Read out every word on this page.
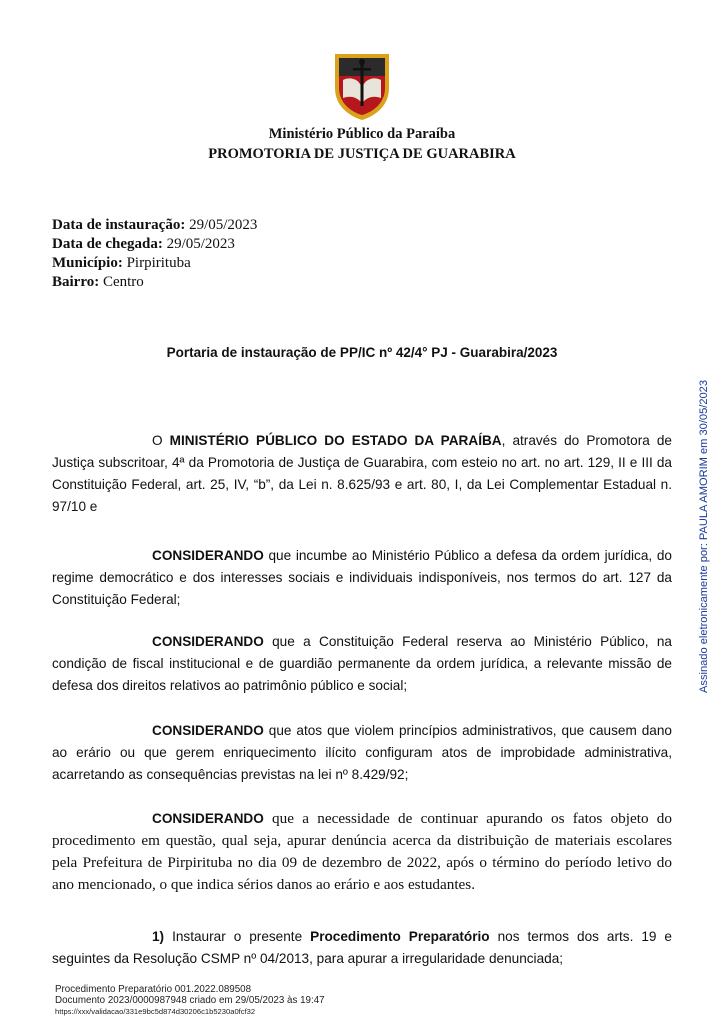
Ministério Público da Paraíba
PROMOTORIA DE JUSTIÇA DE GUARABIRA
Data de instauração: 29/05/2023
Data de chegada: 29/05/2023
Município: Pirpirituba
Bairro: Centro
Portaria de instauração de PP/IC nº 42/4° PJ - Guarabira/2023
O MINISTÉRIO PÚBLICO DO ESTADO DA PARAÍBA, através do Promotora de Justiça subscritoar, 4ª da Promotoria de Justiça de Guarabira, com esteio no art. no art. 129, II e III da Constituição Federal, art. 25, IV, “b”, da Lei n. 8.625/93 e art. 80, I, da Lei Complementar Estadual n. 97/10 e
CONSIDERANDO que incumbe ao Ministério Público a defesa da ordem jurídica, do regime democrático e dos interesses sociais e individuais indisponíveis, nos termos do art. 127 da Constituição Federal;
CONSIDERANDO que a Constituição Federal reserva ao Ministério Público, na condição de fiscal institucional e de guardião permanente da ordem jurídica, a relevante missão de defesa dos direitos relativos ao patrimônio público e social;
CONSIDERANDO que atos que violem princípios administrativos, que causem dano ao erário ou que gerem enriquecimento ilícito configuram atos de improbidade administrativa, acarretando as consequências previstas na lei nº 8.429/92;
CONSIDERANDO que a necessidade de continuar apurando os fatos objeto do procedimento em questão, qual seja, apurar denúncia acerca da distribuição de materiais escolares pela Prefeitura de Pirpirituba no dia 09 de dezembro de 2022, após o término do período letivo do ano mencionado, o que indica sérios danos ao erário e aos estudantes.
1) Instaurar o presente Procedimento Preparatório nos termos dos arts. 19 e seguintes da Resolução CSMP nº 04/2013, para apurar a irregularidade denunciada;
Assinado eletronicamente por: PAULA AMORIM em 30/05/2023
Procedimento Preparatório 001.2022.089508
Documento 2023/0000987948 criado em 29/05/2023 às 19:47
https://xxx/validacao/331e9bc5d874d30206c1b5230a0fcf32
